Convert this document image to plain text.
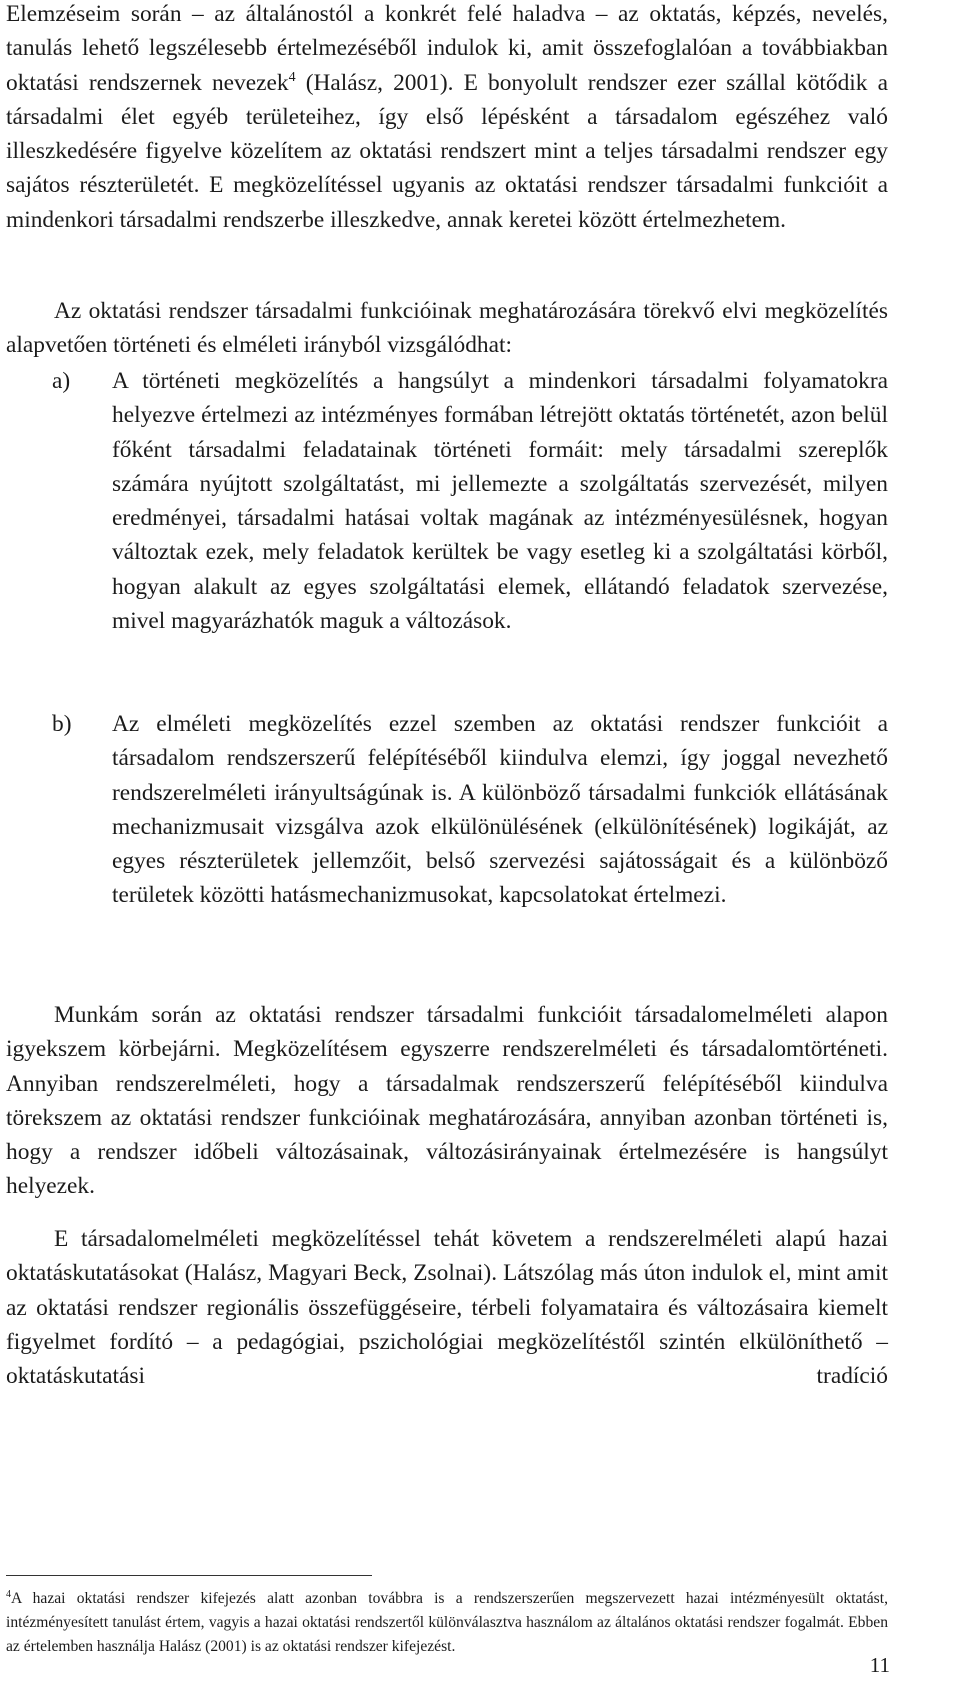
Elemzéseim során – az általánostól a konkrét felé haladva – az oktatás, képzés, nevelés, tanulás lehető legszélesebb értelmezéséből indulok ki, amit összefoglalóan a továbbiakban oktatási rendszernek nevezek$^4$ (Halász, 2001). E bonyolult rendszer ezer szállal kötődik a társadalmi élet egyéb területeihez, így első lépésként a társadalom egészéhez való illeszkedésére figyelve közelítem az oktatási rendszert mint a teljes társadalmi rendszer egy sajátos részterületét. E megközelítéssel ugyanis az oktatási rendszer társadalmi funkcióit a mindenkori társadalmi rendszerbe illeszkedve, annak keretei között értelmezhetem.

Az oktatási rendszer társadalmi funkcióinak meghatározására törekvő elvi megközelítés alapvetően történeti és elméleti irányból vizsgálódhat:

a) A történeti megközelítés a hangsúlyt a mindenkori társadalmi folyamatokra helyezve értelmezi az intézményes formában létrejött oktatás történetét, azon belül főként társadalmi feladatainak történeti formáit: mely társadalmi szereplők számára nyújtott szolgáltatást, mi jellemezte a szolgáltatás szervezését, milyen eredményei, társadalmi hatásai voltak magának az intézményesülésnek, hogyan változtak ezek, mely feladatok kerültek be vagy esetleg ki a szolgáltatási körből, hogyan alakult az egyes szolgáltatási elemek, ellátandó feladatok szervezése, mivel magyarázhatók maguk a változások.
b) Az elméleti megközelítés ezzel szemben az oktatási rendszer funkcióit a társadalom rendszerszerű felépítéséből kiindulva elemzi, így joggal nevezhető rendszerelméleti irányultságúnak is. A különböző társadalmi funkciók ellátásának mechanizmusait vizsgálva azok elkülönülésének (elkülönítésének) logikáját, az egyes részterületek jellemzőit, belső szervezési sajátosságait és a különböző területek közötti hatásmechanizmusokat, kapcsolatokat értelmezi.

Munkám során az oktatási rendszer társadalmi funkcióit társadalomelméleti alapon igyekszem körbejárni. Megközelítésem egyszerre rendszerelméleti és társadalomtörténeti. Annyiban rendszerelméleti, hogy a társadalmak rendszerszerű felépítéséből kiindulva törekszem az oktatási rendszer funkcióinak meghatározására, annyiban azonban történeti is, hogy a rendszer időbeli változásainak, változásirányainak értelmezésére is hangsúlyt helyezek.

E társadalomelméleti megközelítéssel tehát követem a rendszerelméleti alapú hazai oktatáskutatásokat (Halász, Magyari Beck, Zsolnai). Látszólag más úton indulok el, mint amit az oktatási rendszer regionális összefüggéseire, térbeli folyamataira és változásaira kiemelt figyelmet fordító – a pedagógiai, pszichológiai megközelítéstől szintén elkülöníthető – oktatáskutatási tradíció

$^4$A hazai oktatási rendszer kifejezés alatt azonban továbbra is a rendszerszerűen megszervezett hazai intézményesült oktatást, intézményesített tanulást értem, vagyis a hazai oktatási rendszertől különválasztva használom az általános oktatási rendszer fogalmát. Ebben az értelemben használja Halász (2001) is az oktatási rendszer kifejezést.
11
